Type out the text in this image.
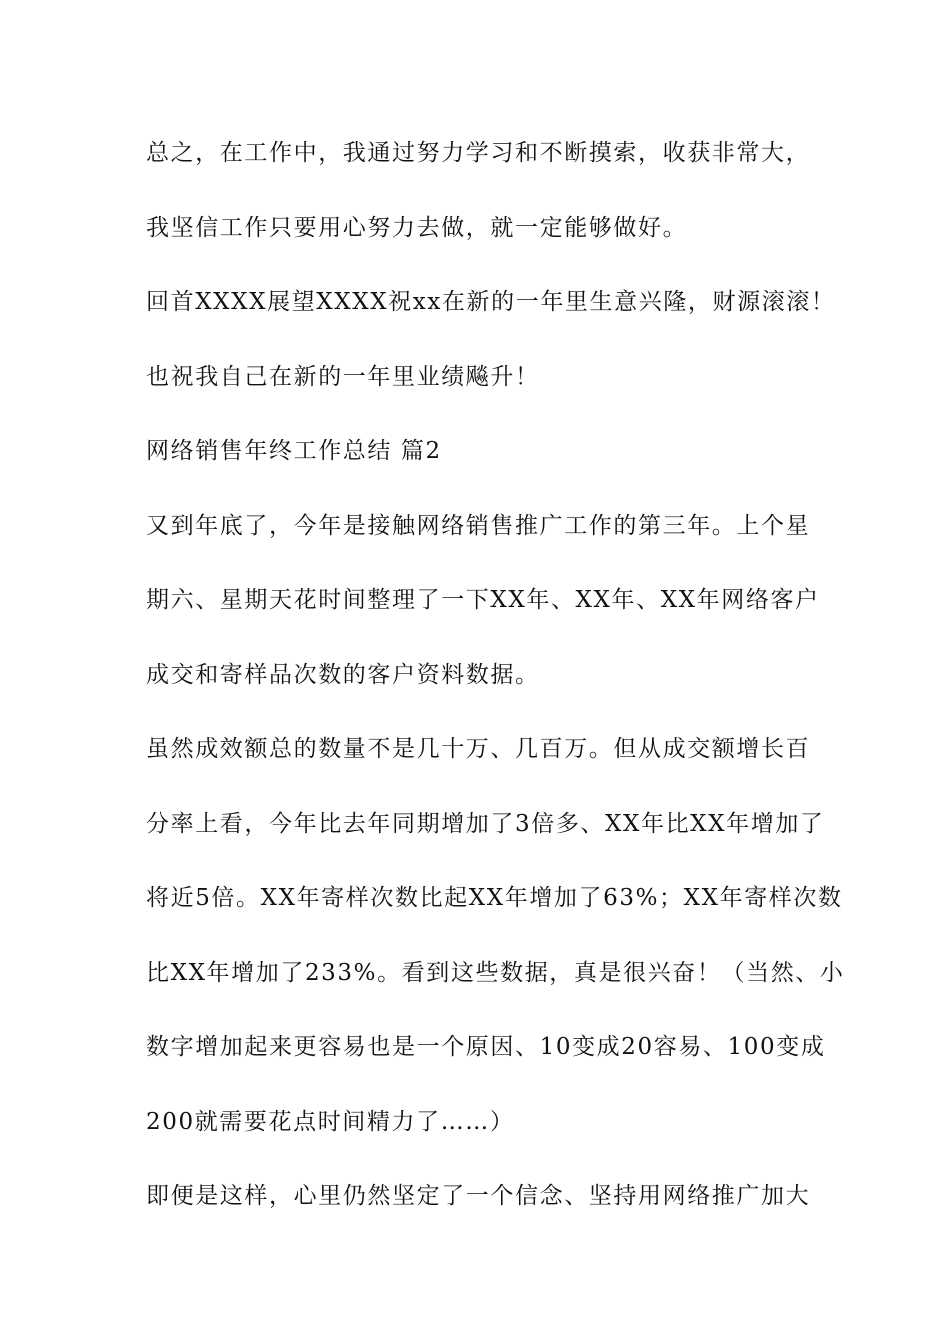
总之，在工作中，我通过努力学习和不断摸索，收获非常大，
我坚信工作只要用心努力去做，就一定能够做好。
回首XXXX展望XXXX祝xx在新的一年里生意兴隆，财源滚滚！
也祝我自己在新的一年里业绩飚升！
网络销售年终工作总结 篇2
又到年底了，今年是接触网络销售推广工作的第三年。上个星
期六、星期天花时间整理了一下XX年、XX年、XX年网络客户
成交和寄样品次数的客户资料数据。
虽然成效额总的数量不是几十万、几百万。但从成交额增长百
分率上看，今年比去年同期增加了3倍多、XX年比XX年增加了
将近5倍。XX年寄样次数比起XX年增加了63%；XX年寄样次数
比XX年增加了233%。看到这些数据，真是很兴奋！（当然、小
数字增加起来更容易也是一个原因、10变成20容易、100变成
200就需要花点时间精力了……）
即便是这样，心里仍然坚定了一个信念、坚持用网络推广加大
